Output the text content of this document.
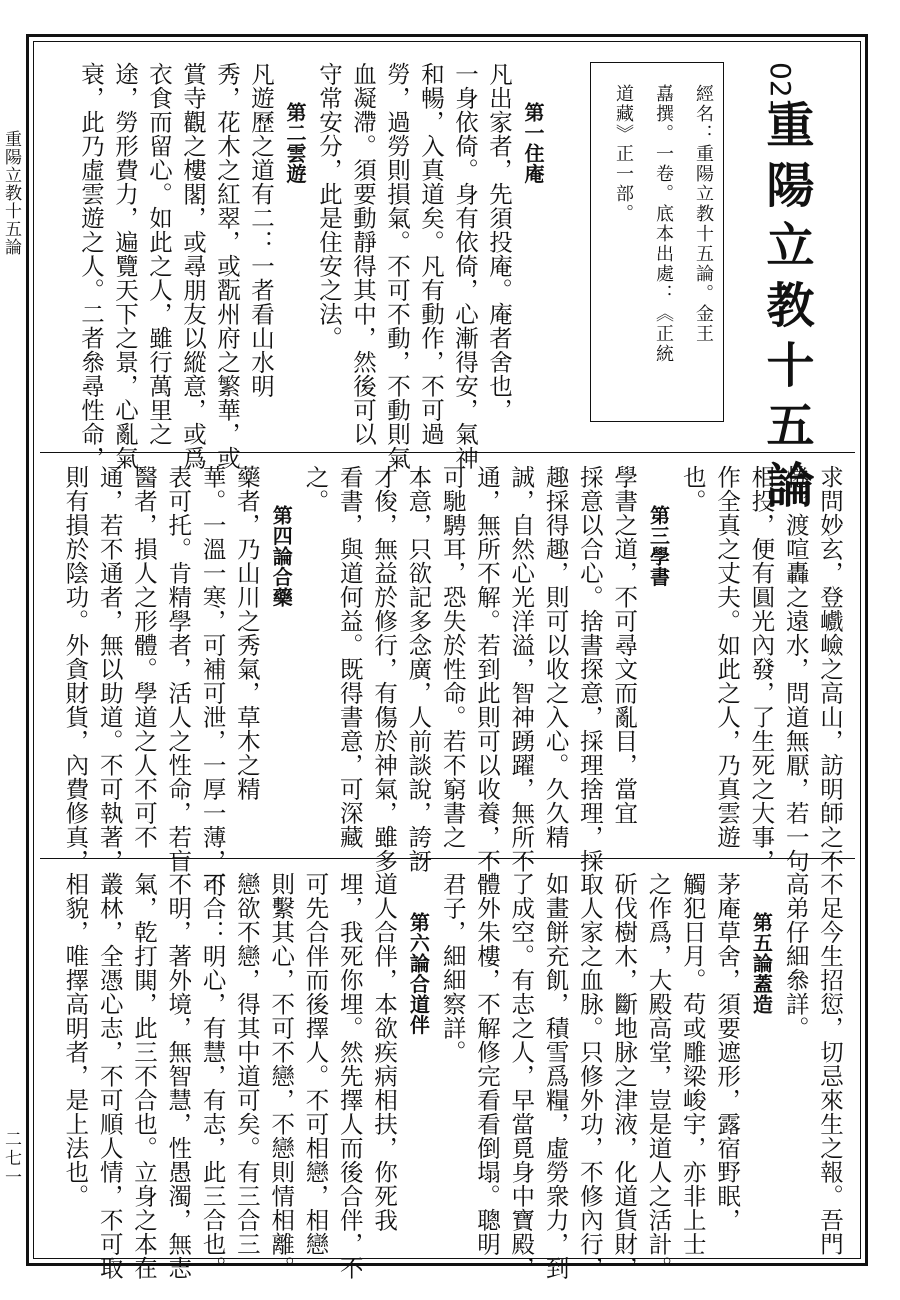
重陽立教十五論
二七一
021
重陽立教十五論
經名：重陽立教十五論。金王
嚞撰。一卷。底本出處：《正統
道藏》正一部。
第一住庵
凡出家者，先須投庵。庵者舍也，
一身依倚。身有依倚，心漸得安，氣神
和暢，入真道矣。凡有動作，不可過
勞，過勞則損氣。不可不動，不動則氣
血凝滯。須要動靜得其中，然後可以
守常安分，此是住安之法。
第二雲遊
凡遊歷之道有二：一者看山水明
秀，花木之紅翠，或翫州府之繁華，或
賞寺觀之樓閣，或尋朋友以縱意，或爲
衣食而留心。如此之人，雖行萬里之
途，勞形費力，遍覽天下之景，心亂氣
衰，此乃虛雲遊之人。二者叅尋性命，
求問妙玄，登巇嶮之高山，訪明師之不
惓，渡喧轟之遠水，問道無厭，若一句
相投，便有圓光內發，了生死之大事，
作全真之丈夫。如此之人，乃真雲遊
也。
第三學書
學書之道，不可尋文而亂目，當宜
採意以合心。捨書探意，採理捨理，採
趣採得趣，則可以收之入心。久久精
誠，自然心光洋溢，智神踴躍，無所不
通，無所不解。若到此則可以收養，不
可馳騁耳，恐失於性命。若不窮書之
本意，只欲記多念廣，人前談說，誇訝
才俊，無益於修行，有傷於神氣，雖多
看書，與道何益。既得書意，可深藏
之。
第四論合藥
藥者，乃山川之秀氣，草木之精
華。一溫一寒，可補可泄，一厚一薄，可
表可托。肯精學者，活人之性命，若盲
醫者，損人之形體。學道之人不可不
通，若不通者，無以助道。不可執著，
則有損於陰功。外貪財貨，內費修真，
不足今生招愆，切忌來生之報。吾門
高弟仔細叅詳。
第五論蓋造
茅庵草舍，須要遮形，露宿野眠，
觸犯日月。苟或雕梁峻宇，亦非上士
之作爲，大殿高堂，豈是道人之活計。
斫伐樹木，斷地脉之津液，化道貨財，
取人家之血脉。只修外功，不修內行，
如畫餅充飢，積雪爲糧，虛勞衆力，到
了成空。有志之人，早當覓身中寶殿，
體外朱樓，不解修完看看倒塌。聰明
君子，細細察詳。
第六論合道伴
道人合伴，本欲疾病相扶，你死我
埋，我死你埋。然先擇人而後合伴，不
可先合伴而後擇人。不可相戀，相戀
則繫其心，不可不戀，不戀則情相離。
戀欲不戀，得其中道可矣。有三合三
不合：明心，有慧，有志，此三合也。
不明，著外境，無智慧，性愚濁，無志
氣，乾打閧，此三不合也。立身之本在
叢林，全憑心志，不可順人情，不可取
相貌，唯擇高明者，是上法也。
